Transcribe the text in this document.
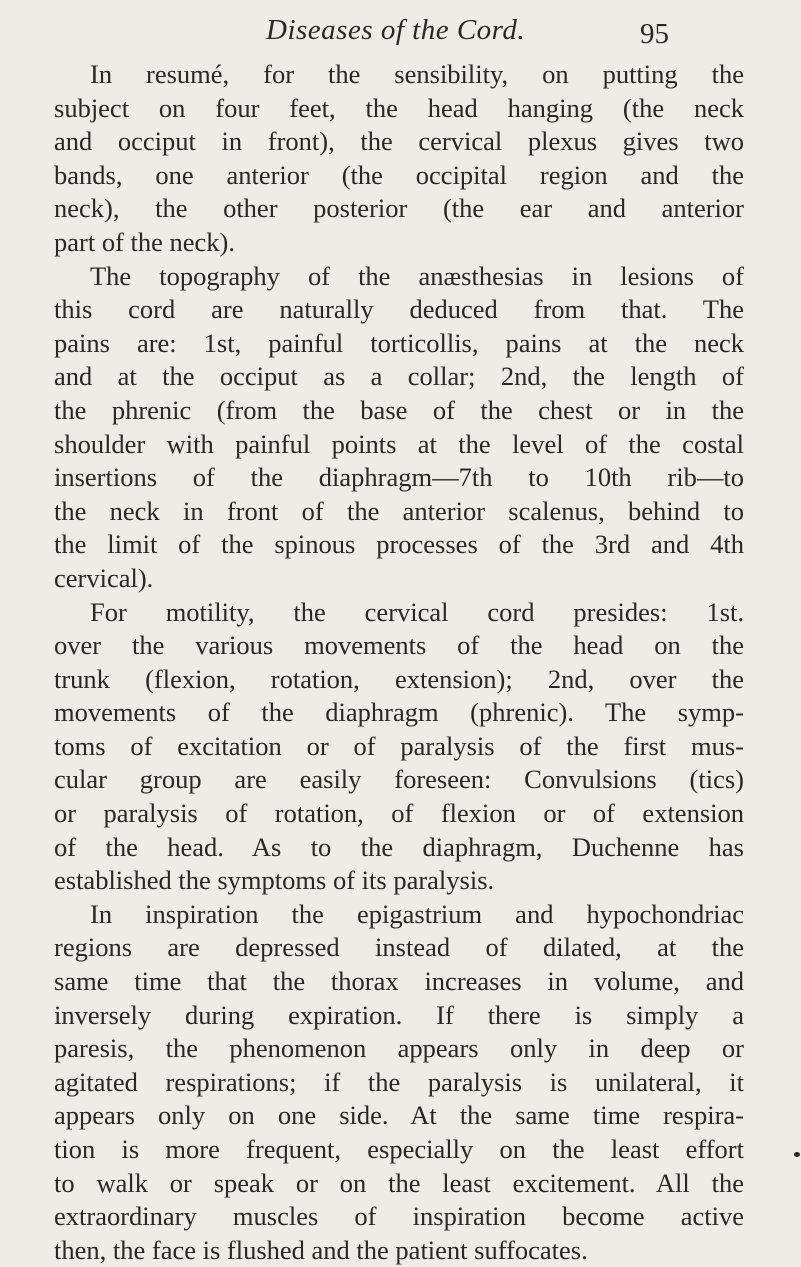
Diseases of the Cord.	95
In resumé, for the sensibility, on putting the
subject on four feet, the head hanging (the neck
and occiput in front), the cervical plexus gives two
bands, one anterior (the occipital region and the
neck), the other posterior (the ear and anterior
part of the neck).
The topography of the anæsthesias in lesions of
this cord are naturally deduced from that. The
pains are: 1st, painful torticollis, pains at the neck
and at the occiput as a collar; 2nd, the length of
the phrenic (from the base of the chest or in the
shoulder with painful points at the level of the costal
insertions of the diaphragm—7th to 10th rib—to
the neck in front of the anterior scalenus, behind to
the limit of the spinous processes of the 3rd and 4th
cervical).
For motility, the cervical cord presides: 1st.
over the various movements of the head on the
trunk (flexion, rotation, extension); 2nd, over the
movements of the diaphragm (phrenic). The symp-
toms of excitation or of paralysis of the first mus-
cular group are easily foreseen: Convulsions (tics)
or paralysis of rotation, of flexion or of extension
of the head. As to the diaphragm, Duchenne has
established the symptoms of its paralysis.
In inspiration the epigastrium and hypochondriac
regions are depressed instead of dilated, at the
same time that the thorax increases in volume, and
inversely during expiration. If there is simply a
paresis, the phenomenon appears only in deep or
agitated respirations; if the paralysis is unilateral, it
appears only on one side. At the same time respira-
tion is more frequent, especially on the least effort
to walk or speak or on the least excitement. All the
extraordinary muscles of inspiration become active
then, the face is flushed and the patient suffocates.
